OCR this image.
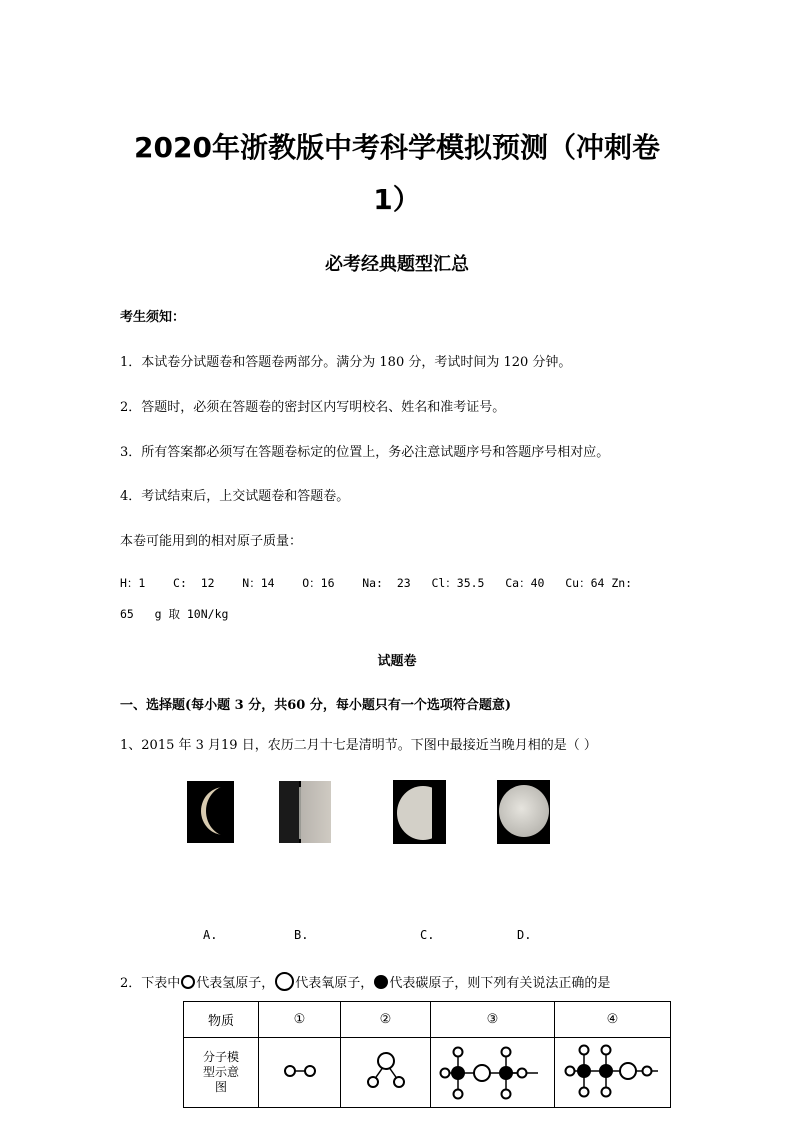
2020年浙教版中考科学模拟预测（冲刺卷
1）
必考经典题型汇总
考生须知：
1．本试卷分试题卷和答题卷两部分。满分为 180 分，考试时间为 120 分钟。
2．答题时，必须在答题卷的密封区内写明校名、姓名和准考证号。
3．所有答案都必须写在答题卷标定的位置上，务必注意试题序号和答题序号相对应。
4．考试结束后，上交试题卷和答题卷。
本卷可能用到的相对原子质量：
H：1    C:  12    N：14    O：16    Na:  23   Cl：35.5   Ca：40   Cu：64 Zn:
65   g 取 10N/kg
试题卷
一、选择题(每小题 3 分，共60 分，每小题只有一个选项符合题意)
1、2015 年 3 月19 日，农历二月十七是清明节。下图中最接近当晚月相的是（ ）
A.	B.	C.	D.
2．下表中 代表氢原子， 代表氧原子， 代表碳原子，则下列有关说法正确的是
物质	①	②	③	④
分子模型示意图				
